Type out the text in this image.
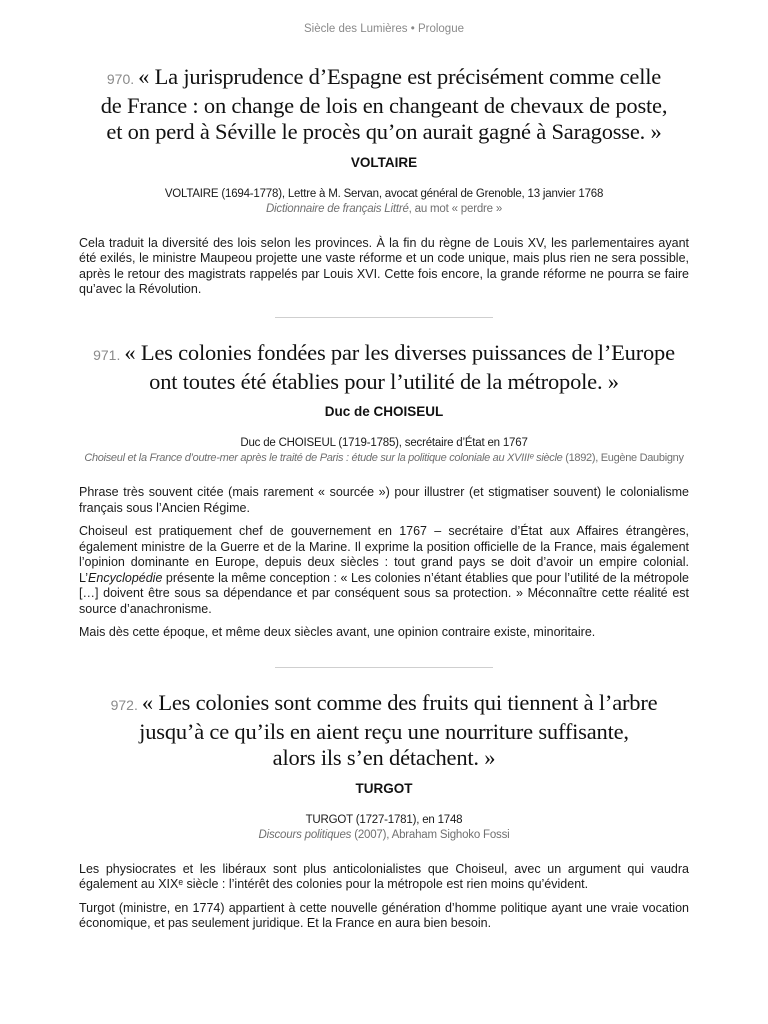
Siècle des Lumières • Prologue

970. « La jurisprudence d’Espagne est précisément comme celle
de France : on change de lois en changeant de chevaux de poste,
et on perd à Séville le procès qu’on aurait gagné à Saragosse. »

VOLTAIRE
VOLTAIRE (1694-1778), Lettre à M. Servan, avocat général de Grenoble, 13 janvier 1768
Dictionnaire de français Littré, au mot « perdre »

Cela traduit la diversité des lois selon les provinces. À la fin du règne de Louis XV, les parlementaires ayant été exilés, le ministre Maupeou projette une vaste réforme et un code unique, mais plus rien ne sera possible, après le retour des magistrats rappelés par Louis XVI. Cette fois encore, la grande réforme ne pourra se faire qu’avec la Révolution.

971. « Les colonies fondées par les diverses puissances de l’Europe
ont toutes été établies pour l’utilité de la métropole. »

Duc de CHOISEUL
Duc de CHOISEUL (1719-1785), secrétaire d’État en 1767
Choiseul et la France d’outre-mer après le traité de Paris : étude sur la politique coloniale au XVIIIᵉ siècle (1892), Eugène Daubigny

Phrase très souvent citée (mais rarement « sourcée ») pour illustrer (et stigmatiser souvent) le colonialisme français sous l’Ancien Régime.

Choiseul est pratiquement chef de gouvernement en 1767 – secrétaire d’État aux Affaires étrangères, également ministre de la Guerre et de la Marine. Il exprime la position officielle de la France, mais également l’opinion dominante en Europe, depuis deux siècles : tout grand pays se doit d’avoir un empire colonial. L’Encyclopédie présente la même conception : « Les colonies n’étant établies que pour l’utilité de la métropole […] doivent être sous sa dépendance et par conséquent sous sa protection. » Méconnaître cette réalité est source d’anachronisme.

Mais dès cette époque, et même deux siècles avant, une opinion contraire existe, minoritaire.

972. « Les colonies sont comme des fruits qui tiennent à l’arbre
jusqu’à ce qu’ils en aient reçu une nourriture suffisante,
alors ils s’en détachent. »

TURGOT
TURGOT (1727-1781), en 1748
Discours politiques (2007), Abraham Sighoko Fossi

Les physiocrates et les libéraux sont plus anticolonialistes que Choiseul, avec un argument qui vaudra également au XIXᵉ siècle : l’intérêt des colonies pour la métropole est rien moins qu’évident.

Turgot (ministre, en 1774) appartient à cette nouvelle génération d’homme politique ayant une vraie vocation économique, et pas seulement juridique. Et la France en aura bien besoin.
